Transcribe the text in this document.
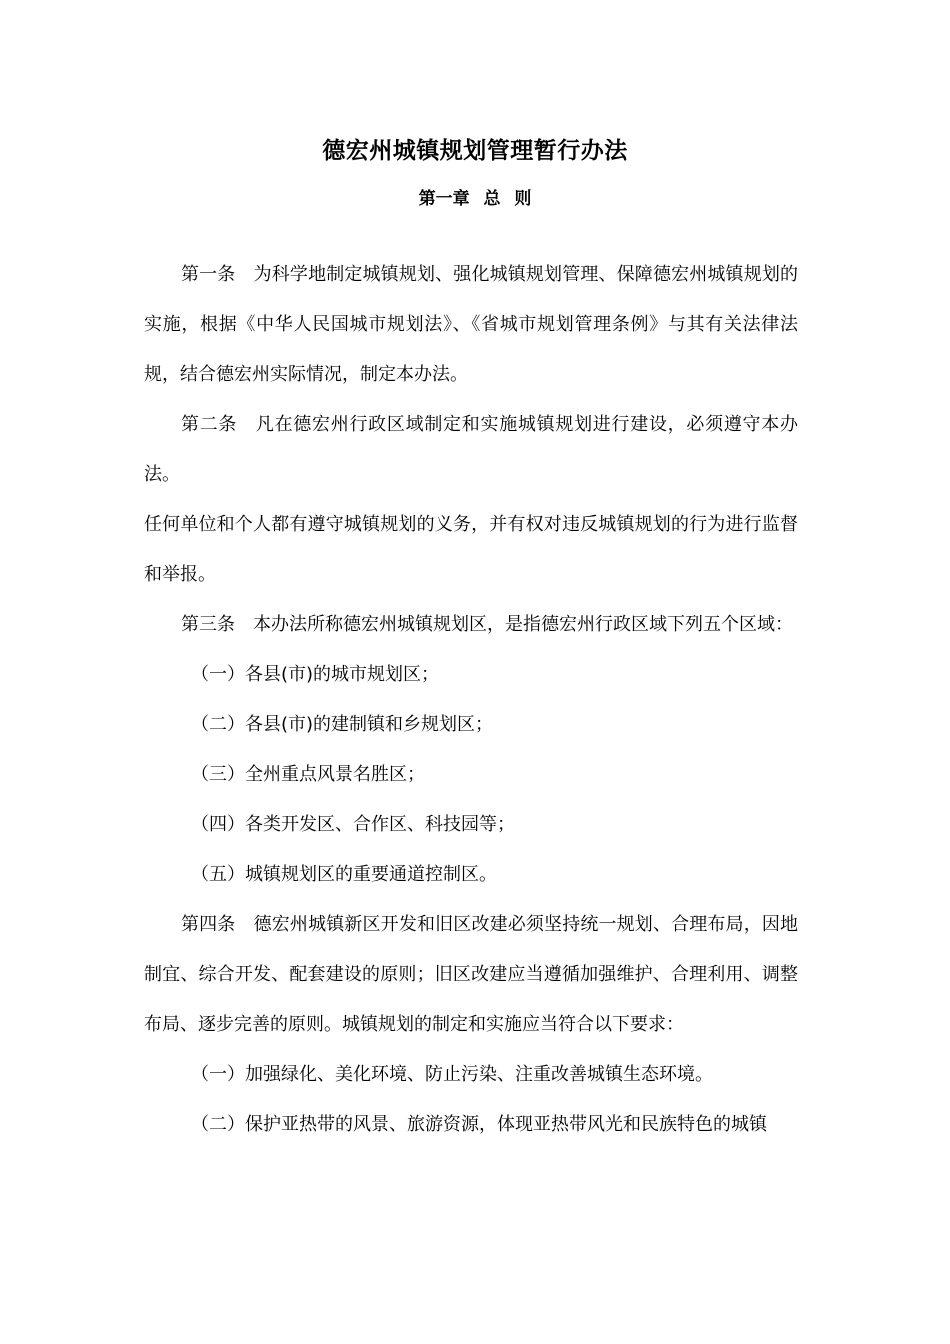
德宏州城镇规划管理暂行办法
第一章 总 则

第一条　 为科学地制定城镇规划、强化城镇规划管理、保障德宏州城镇规划的实施，根据《中华人民国城市规划法》、《省城市规划管理条例》与其有关法律法规，结合德宏州实际情况，制定本办法。

第二条　 凡在德宏州行政区域制定和实施城镇规划进行建设，必须遵守本办法。

任何单位和个人都有遵守城镇规划的义务，并有权对违反城镇规划的行为进行监督和举报。

第三条　 本办法所称德宏州城镇规划区，是指德宏州行政区域下列五个区域：

（一）各县(市)的城市规划区；

（二）各县(市)的建制镇和乡规划区；

（三）全州重点风景名胜区；

（四）各类开发区、合作区、科技园等；

（五）城镇规划区的重要通道控制区。

第四条　 德宏州城镇新区开发和旧区改建必须坚持统一规划、合理布局，因地制宜、综合开发、配套建设的原则；旧区改建应当遵循加强维护、合理利用、调整布局、逐步完善的原则。城镇规划的制定和实施应当符合以下要求：

（一）加强绿化、美化环境、防止污染、注重改善城镇生态环境。

（二）保护亚热带的风景、旅游资源，体现亚热带风光和民族特色的城镇
